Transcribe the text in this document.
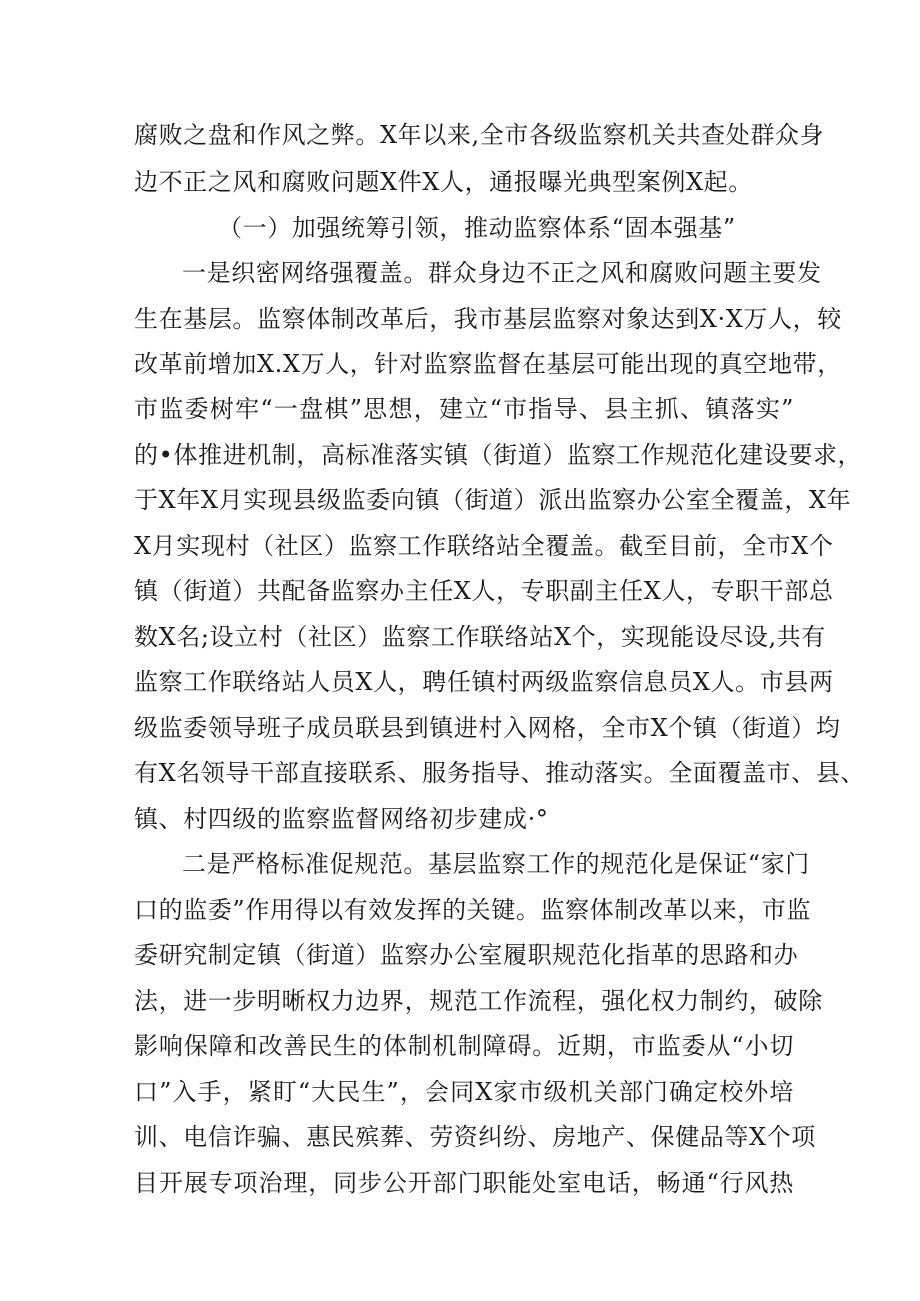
腐败之盘和作风之弊。X年以来,全市各级监察机关共查处群众身
边不正之风和腐败问题X件X人，通报曝光典型案例X起。
（一）加强统筹引领，推动监察体系“固本强基”
一是织密网络强覆盖。群众身边不正之风和腐败问题主要发
生在基层。监察体制改革后，我市基层监察对象达到X·X万人，较
改革前增加X.X万人，针对监察监督在基层可能出现的真空地带，
市监委树牢“一盘棋”思想，建立“市指导、县主抓、镇落实”
的•体推进机制，高标准落实镇（街道）监察工作规范化建设要求，
于X年X月实现县级监委向镇（街道）派出监察办公室全覆盖，X年
X月实现村（社区）监察工作联络站全覆盖。截至目前，全市X个
镇（街道）共配备监察办主任X人，专职副主任X人，专职干部总
数X名;设立村（社区）监察工作联络站X个，实现能设尽设,共有
监察工作联络站人员X人，聘任镇村两级监察信息员X人。市县两
级监委领导班子成员联县到镇进村入网格，全市X个镇（街道）均
有X名领导干部直接联系、服务指导、推动落实。全面覆盖市、县、
镇、村四级的监察监督网络初步建成·°
二是严格标准促规范。基层监察工作的规范化是保证“家门
口的监委”作用得以有效发挥的关键。监察体制改革以来，市监
委研究制定镇（街道）监察办公室履职规范化指革的思路和办
法，进一步明晰权力边界，规范工作流程，强化权力制约，破除
影响保障和改善民生的体制机制障碍。近期，市监委从“小切
口”入手，紧盯“大民生”，会同X家市级机关部门确定校外培
训、电信诈骗、惠民殡葬、劳资纠纷、房地产、保健品等X个项
目开展专项治理，同步公开部门职能处室电话，畅通“行风热
